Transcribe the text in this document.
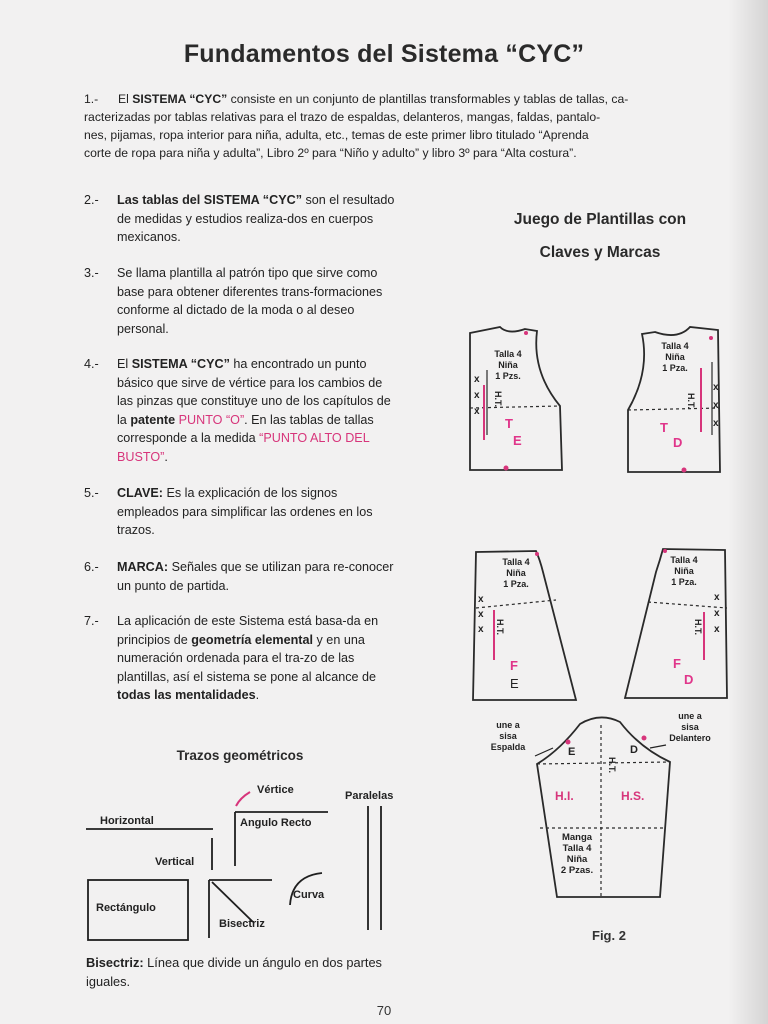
Fundamentos del Sistema “CYC”
1.- El SISTEMA “CYC” consiste en un conjunto de plantillas transformables y tablas de tallas, ca-
racterizadas por tablas relativas para el trazo de espaldas, delanteros, mangas, faldas, pantalo-
nes, pijamas, ropa interior para niña, adulta, etc., temas de este primer libro titulado “Aprenda
corte de ropa para niña y adulta”, Libro 2º para “Niño y adulto” y libro 3º para “Alta costura”.
2.-	Las tablas del SISTEMA “CYC” son el resultado de medidas y estudios realiza-dos en cuerpos mexicanos.
3.-	Se llama plantilla al patrón tipo que sirve como base para obtener diferentes trans-formaciones conforme al dictado de la moda o al deseo personal.
4.-	El SISTEMA “CYC” ha encontrado un punto básico que sirve de vértice para los cambios de las pinzas que constituye uno de los capítulos de la patente PUNTO “O”. En las tablas de tallas corresponde a la medida “PUNTO ALTO DEL BUSTO”.
5.-	CLAVE: Es la explicación de los signos empleados para simplificar las ordenes en los trazos.
6.-	MARCA: Señales que se utilizan para re-conocer un punto de partida.
7.-	La aplicación de este Sistema está basa-da en principios de geometría elemental y en una numeración ordenada para el tra-zo de las plantillas, así el sistema se pone al alcance de todas las mentalidades.
Trazos geométricos
Vértice	Paralelas
Horizontal	Angulo Recto
Vertical
Curva
Rectángulo
Bisectriz
Bisectriz: Línea que divide un ángulo en dos partes iguales.
Juego de Plantillas con
Claves y Marcas
Talla 4
Niña
1 Pzs.
x
x
x
H.T.
T
E
Talla 4
Niña
1 Pza.
x
x
x
H.T.
T
D
Talla 4
Niña
1 Pza.
x
x
x H.T.
F
E
Talla 4
Niña
1 Pza.
x
x
x
H.T.
F
D
une a
sisa
Espalda
une a
sisa
Delantero
E	D
H.T.
H.I.	H.S.
Manga
Talla 4
Niña
2 Pzas.
Fig. 2
70
